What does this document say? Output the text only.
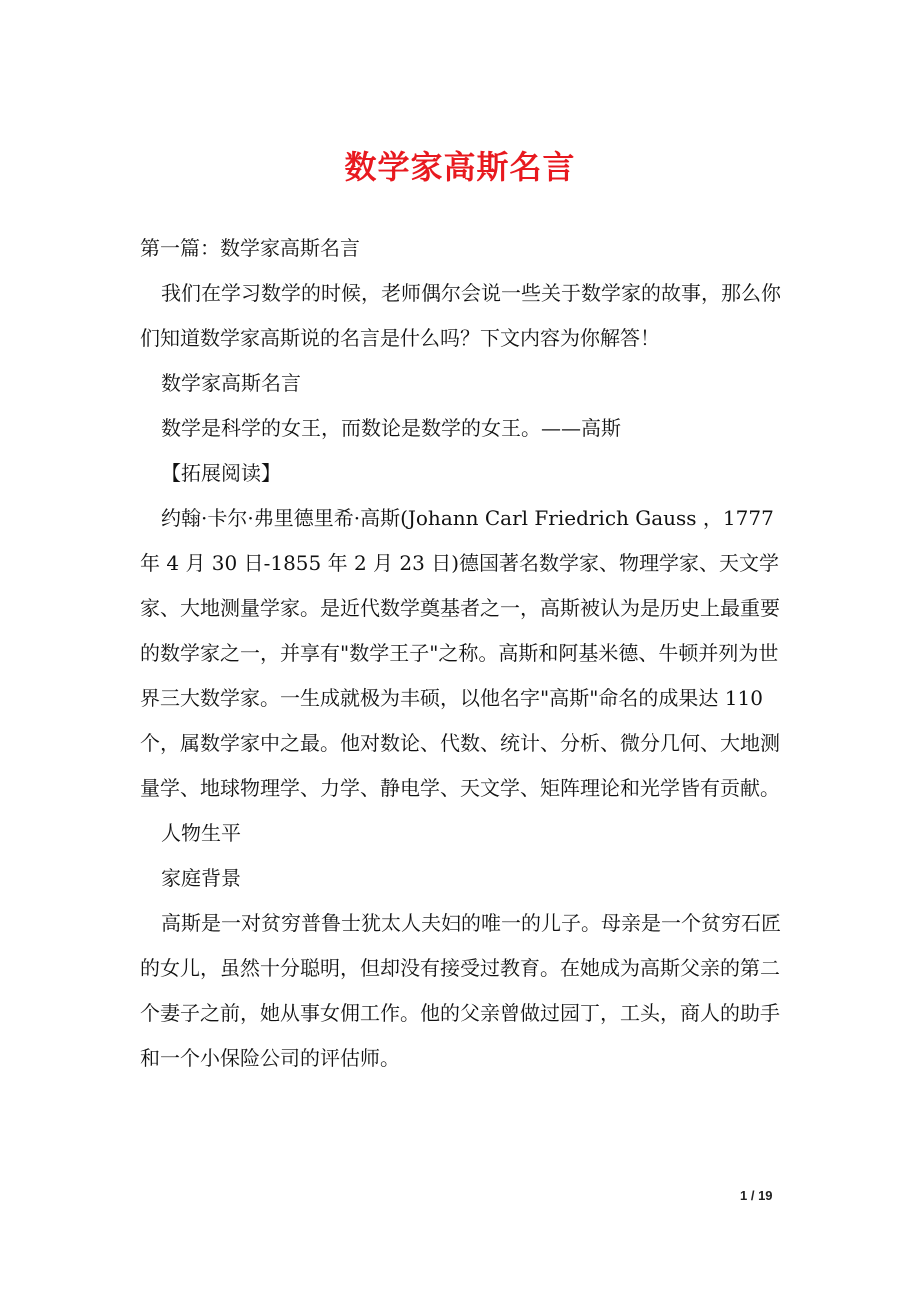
数学家高斯名言

第一篇：数学家高斯名言

我们在学习数学的时候，老师偶尔会说一些关于数学家的故事，那么你们知道数学家高斯说的名言是什么吗？下文内容为你解答！

数学家高斯名言

数学是科学的女王，而数论是数学的女王。——高斯

【拓展阅读】

约翰·卡尔·弗里德里希·高斯(Johann Carl Friedrich Gauss ，1777 年 4 月 30 日-1855 年 2 月 23 日)德国著名数学家、物理学家、天文学家、大地测量学家。是近代数学奠基者之一，高斯被认为是历史上最重要的数学家之一，并享有"数学王子"之称。高斯和阿基米德、牛顿并列为世界三大数学家。一生成就极为丰硕，以他名字"高斯"命名的成果达 110 个，属数学家中之最。他对数论、代数、统计、分析、微分几何、大地测量学、地球物理学、力学、静电学、天文学、矩阵理论和光学皆有贡献。

人物生平

家庭背景

高斯是一对贫穷普鲁士犹太人夫妇的唯一的儿子。母亲是一个贫穷石匠的女儿，虽然十分聪明，但却没有接受过教育。在她成为高斯父亲的第二个妻子之前，她从事女佣工作。他的父亲曾做过园丁，工头，商人的助手和一个小保险公司的评估师。

1 / 19
